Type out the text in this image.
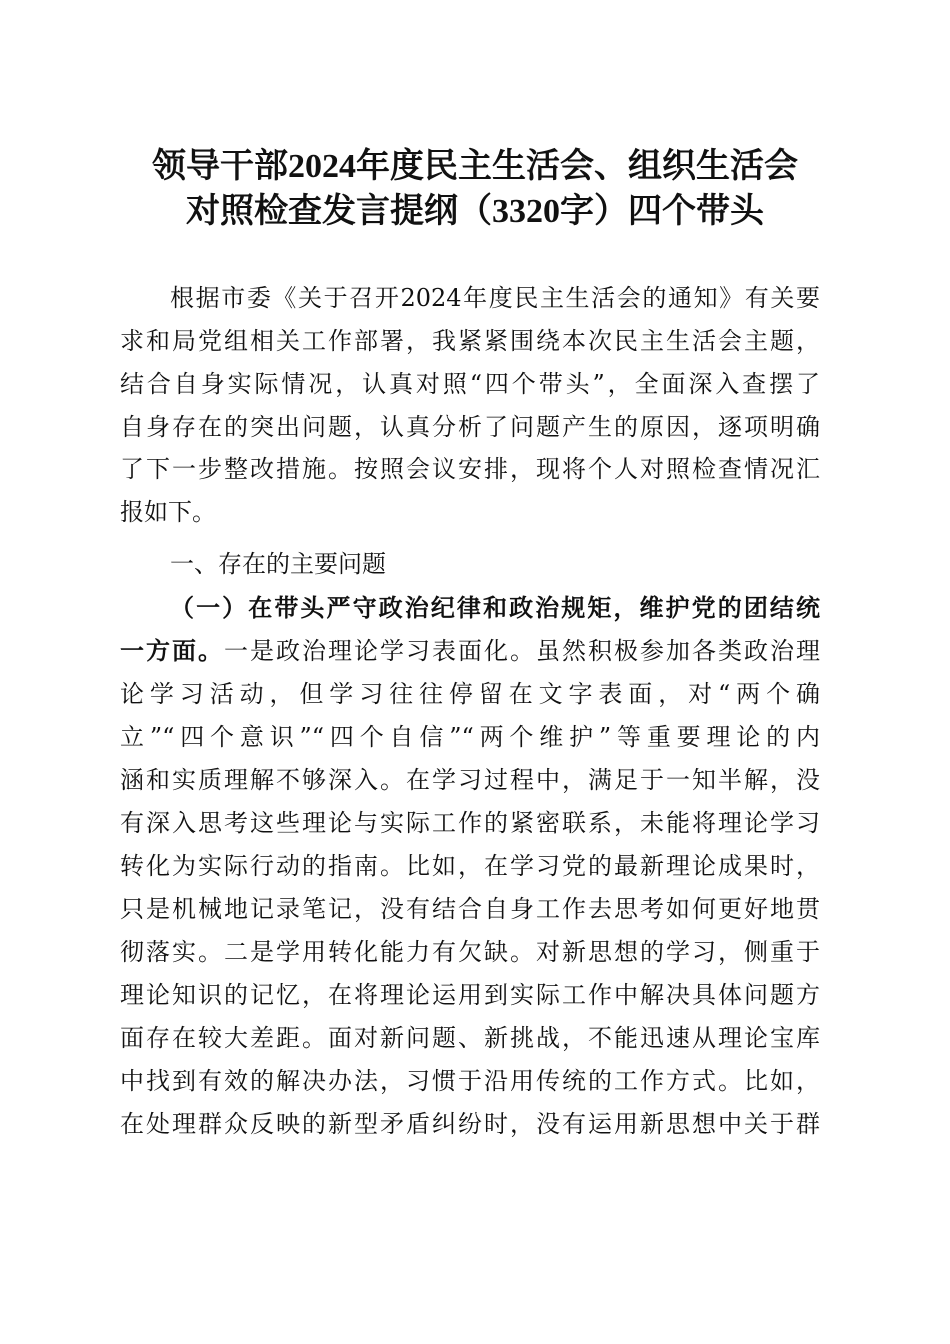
领导干部2024年度民主生活会、组织生活会
对照检查发言提纲（3320字）四个带头
根据市委《关于召开2024年度民主生活会的通知》有关要
求和局党组相关工作部署，我紧紧围绕本次民主生活会主题，
结合自身实际情况，认真对照“四个带头”，全面深入查摆了
自身存在的突出问题，认真分析了问题产生的原因，逐项明确
了下一步整改措施。按照会议安排，现将个人对照检查情况汇
报如下。
一、存在的主要问题
（一）在带头严守政治纪律和政治规矩，维护党的团结统
一方面。一是政治理论学习表面化。虽然积极参加各类政治理
论学习活动，但学习往往停留在文字表面，对“两个确
立”“四个意识”“四个自信”“两个维护”等重要理论的内
涵和实质理解不够深入。在学习过程中，满足于一知半解，没
有深入思考这些理论与实际工作的紧密联系，未能将理论学习
转化为实际行动的指南。比如，在学习党的最新理论成果时，
只是机械地记录笔记，没有结合自身工作去思考如何更好地贯
彻落实。二是学用转化能力有欠缺。对新思想的学习，侧重于
理论知识的记忆，在将理论运用到实际工作中解决具体问题方
面存在较大差距。面对新问题、新挑战，不能迅速从理论宝库
中找到有效的解决办法，习惯于沿用传统的工作方式。比如，
在处理群众反映的新型矛盾纠纷时，没有运用新思想中关于群
